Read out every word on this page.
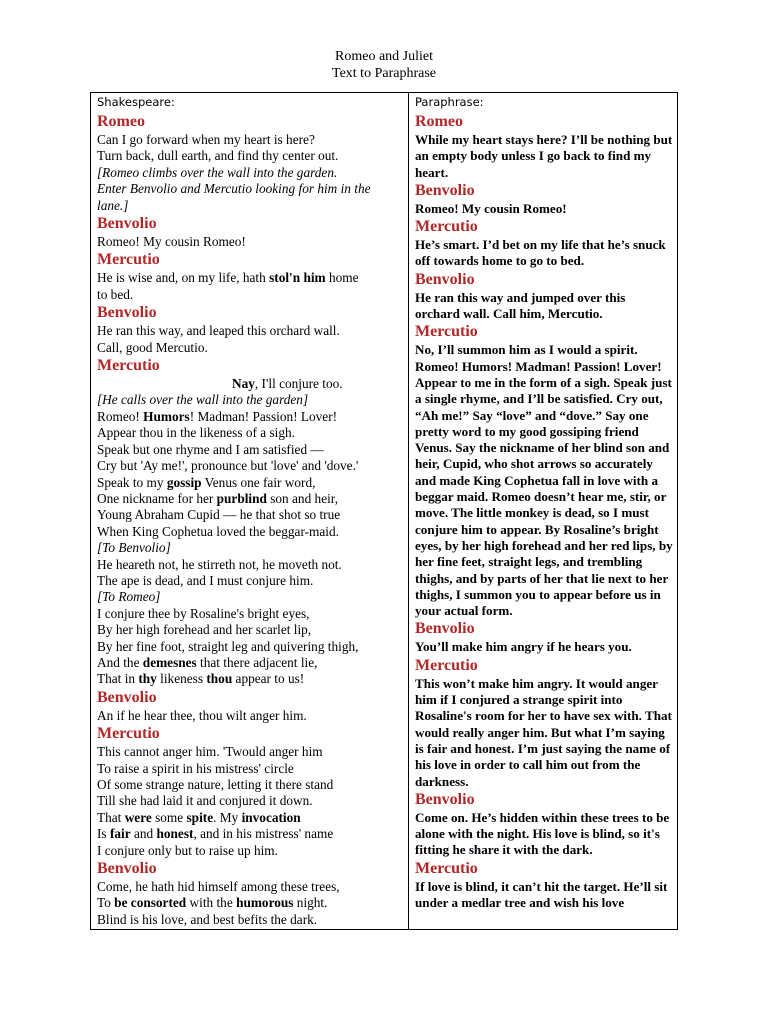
Romeo and Juliet
Text to Paraphrase
Shakespeare:
Romeo
Can I go forward when my heart is here?
Turn back, dull earth, and find thy center out.
[Romeo climbs over the wall into the garden.
Enter Benvolio and Mercutio looking for him in the
lane.]
Benvolio
Romeo! My cousin Romeo!
Mercutio
He is wise and, on my life, hath stol'n him home
to bed.
Benvolio
He ran this way, and leaped this orchard wall.
Call, good Mercutio.
Mercutio
Nay, I'll conjure too.
[He calls over the wall into the garden]
Romeo! Humors! Madman! Passion! Lover!
Appear thou in the likeness of a sigh.
Speak but one rhyme and I am satisfied —
Cry but 'Ay me!', pronounce but 'love' and 'dove.'
Speak to my gossip Venus one fair word,
One nickname for her purblind son and heir,
Young Abraham Cupid — he that shot so true
When King Cophetua loved the beggar-maid.
[To Benvolio]
He heareth not, he stirreth not, he moveth not.
The ape is dead, and I must conjure him.
[To Romeo]
I conjure thee by Rosaline's bright eyes,
By her high forehead and her scarlet lip,
By her fine foot, straight leg and quivering thigh,
And the demesnes that there adjacent lie,
That in thy likeness thou appear to us!
Benvolio
An if he hear thee, thou wilt anger him.
Mercutio
This cannot anger him. 'Twould anger him
To raise a spirit in his mistress' circle
Of some strange nature, letting it there stand
Till she had laid it and conjured it down.
That were some spite. My invocation
Is fair and honest, and in his mistress' name
I conjure only but to raise up him.
Benvolio
Come, he hath hid himself among these trees,
To be consorted with the humorous night.
Blind is his love, and best befits the dark.
Paraphrase:
Romeo
While my heart stays here? I’ll be nothing but an empty body unless I go back to find my heart.
Benvolio
Romeo! My cousin Romeo!
Mercutio
He’s smart. I’d bet on my life that he’s snuck off towards home to go to bed.
Benvolio
He ran this way and jumped over this orchard wall. Call him, Mercutio.
Mercutio
No, I’ll summon him as I would a spirit. Romeo! Humors! Madman! Passion! Lover! Appear to me in the form of a sigh. Speak just a single rhyme, and I’ll be satisfied. Cry out, “Ah me!” Say “love” and “dove.” Say one pretty word to my good gossiping friend Venus. Say the nickname of her blind son and heir, Cupid, who shot arrows so accurately and made King Cophetua fall in love with a beggar maid. Romeo doesn’t hear me, stir, or move. The little monkey is dead, so I must conjure him to appear. By Rosaline’s bright eyes, by her high forehead and her red lips, by her fine feet, straight legs, and trembling thighs, and by parts of her that lie next to her thighs, I summon you to appear before us in your actual form.
Benvolio
You’ll make him angry if he hears you.
Mercutio
This won’t make him angry. It would anger him if I conjured a strange spirit into Rosaline's room for her to have sex with. That would really anger him. But what I’m saying is fair and honest. I’m just saying the name of his love in order to call him out from the darkness.
Benvolio
Come on. He’s hidden within these trees to be alone with the night. His love is blind, so it's fitting he share it with the dark.
Mercutio
If love is blind, it can’t hit the target. He’ll sit under a medlar tree and wish his love
